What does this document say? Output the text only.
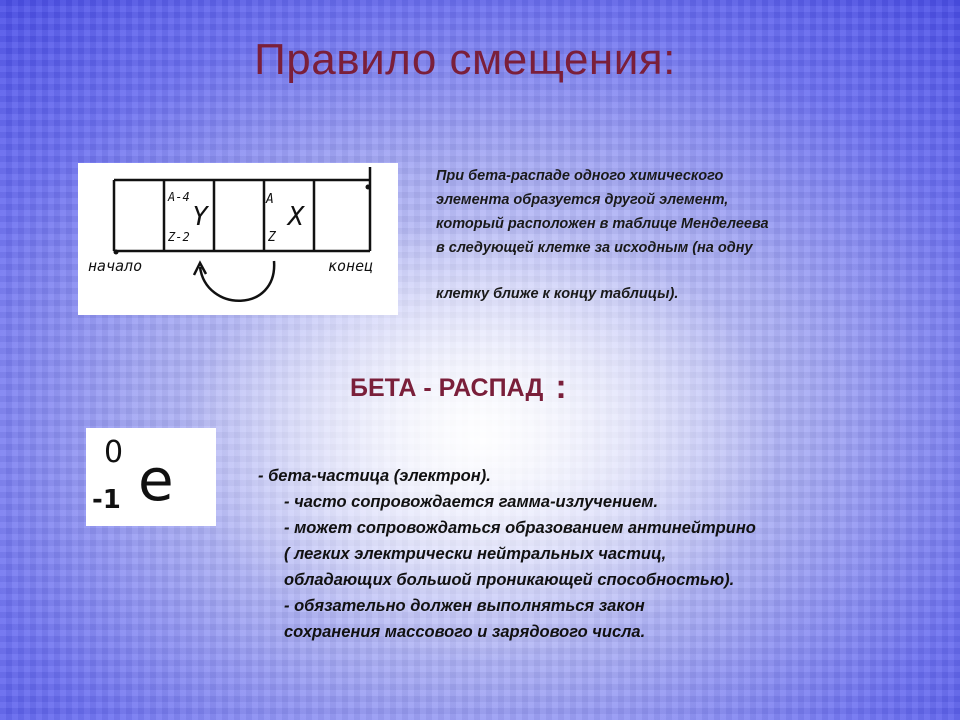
Правило смещения:
A-4
Z-2
Y
A
Z
X
начало	конец
При бета-распаде одного химического
элемента образуется другой элемент,
который расположен в таблице Менделеева
в следующей клетке за исходным (на одну
клетку ближе к концу таблицы).
БЕТА - РАСПАД :
0
-1 e	- бета-частица (электрон).
- часто сопровождается гамма-излучением.
- может сопровождаться образованием антинейтрино
( легких электрически нейтральных частиц,
обладающих большой проникающей способностью).
- обязательно должен выполняться закон
сохранения массового и зарядового числа.
